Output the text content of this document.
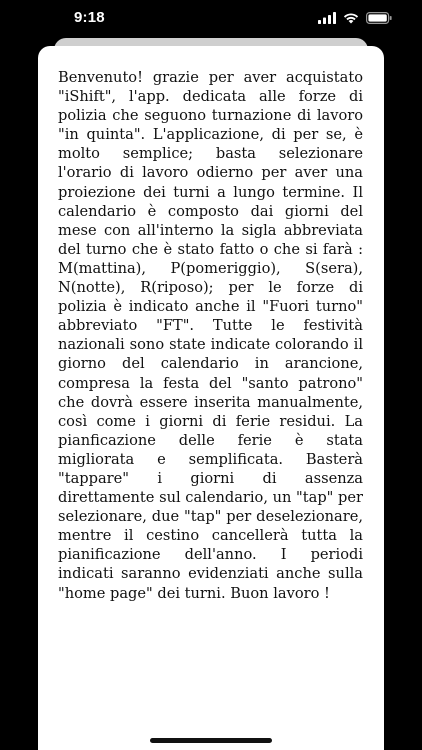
9:18

Benvenuto! grazie per aver acquistato "iShift", l'app. dedicata alle forze di polizia che seguono turnazione di lavoro "in quinta". L'applicazione, di per se, è molto semplice; basta selezionare l'orario di lavoro odierno per aver una proiezione dei turni a lungo termine. Il calendario è composto dai giorni del mese con all'interno la sigla abbreviata del turno che è stato fatto o che si farà : M(mattina), P(pomeriggio), S(sera), N(notte), R(riposo); per le forze di polizia è indicato anche il "Fuori turno" abbreviato "FT". Tutte le festività nazionali sono state indicate colorando il giorno del calendario in arancione, compresa la festa del "santo patrono" che dovrà essere inserita manualmente, così come i giorni di ferie residui. La pianficazione delle ferie è stata migliorata e semplificata. Basterà "tappare" i giorni di assenza direttamente sul calendario, un "tap" per selezionare, due "tap" per deselezionare, mentre il cestino cancellerà tutta la pianificazione dell'anno. I periodi indicati saranno evidenziati anche sulla "home page" dei turni. Buon lavoro !
